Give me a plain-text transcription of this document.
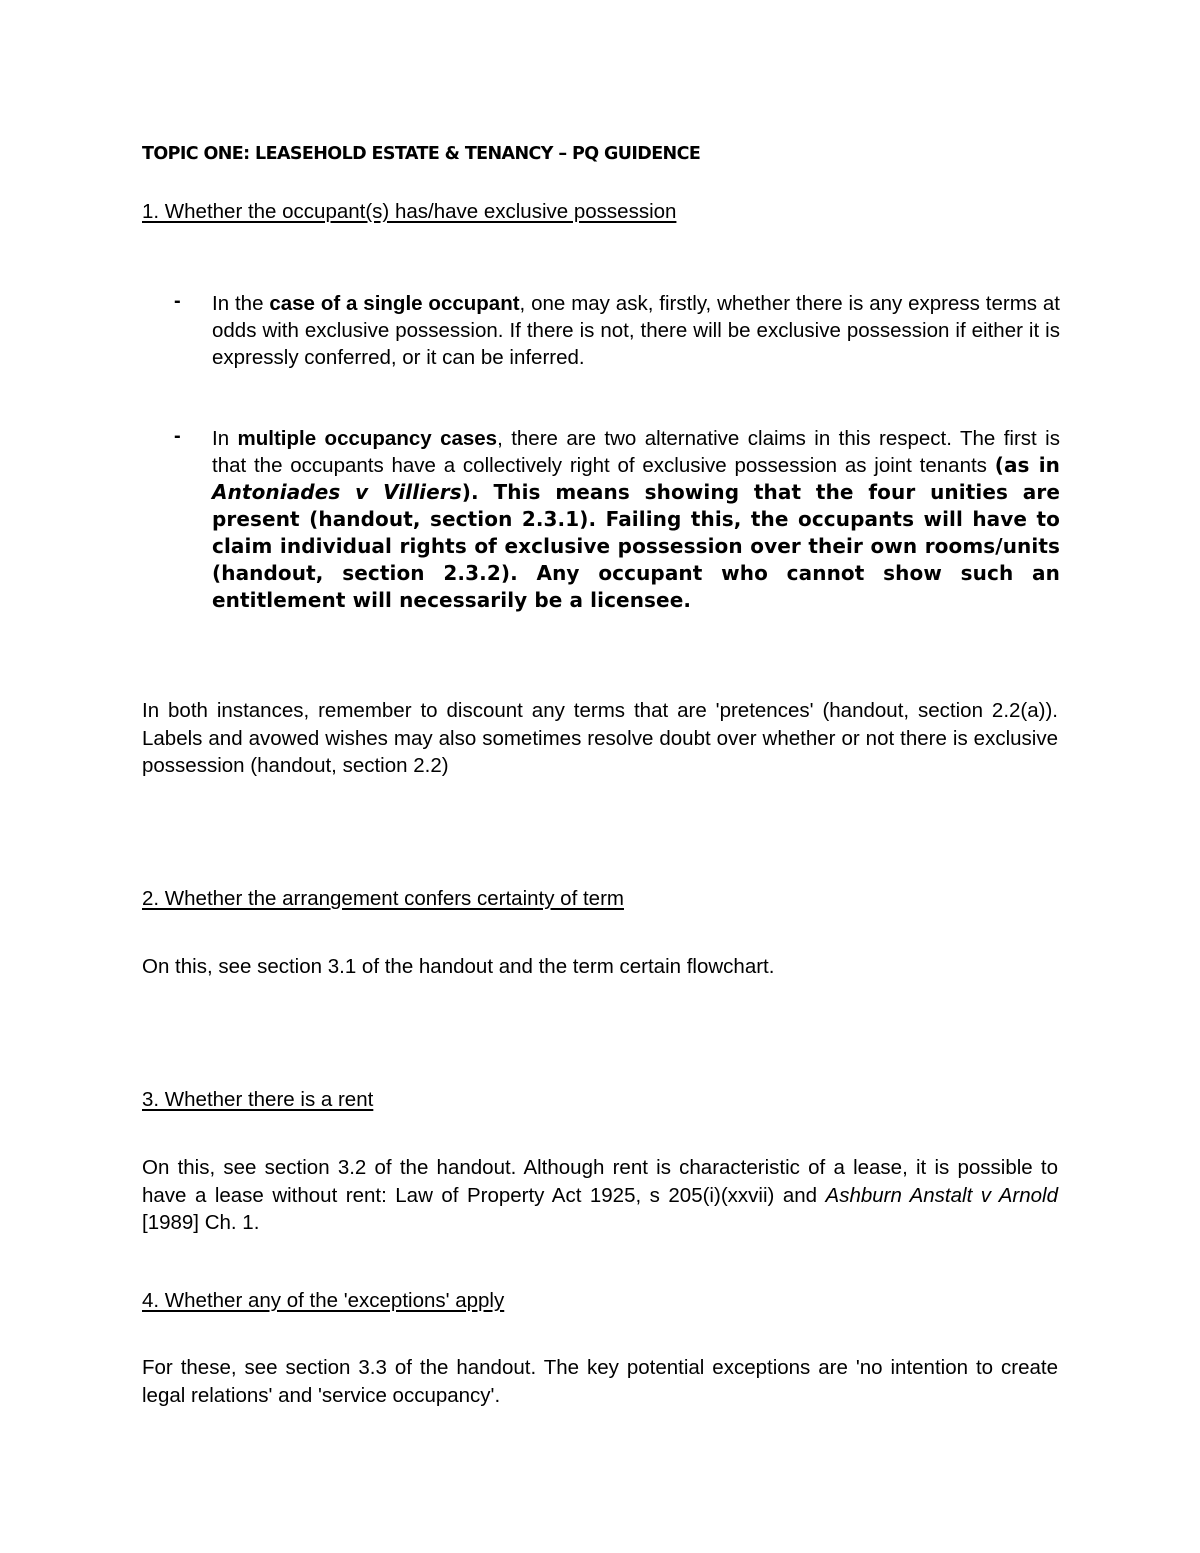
TOPIC ONE: LEASEHOLD ESTATE & TENANCY – PQ GUIDENCE

1. Whether the occupant(s) has/have exclusive possession

- In the case of a single occupant, one may ask, firstly, whether there is any express terms at odds with exclusive possession. If there is not, there will be exclusive possession if either it is expressly conferred, or it can be inferred.

- In multiple occupancy cases, there are two alternative claims in this respect. The first is that the occupants have a collectively right of exclusive possession as joint tenants (as in Antoniades v Villiers). This means showing that the four unities are present (handout, section 2.3.1). Failing this, the occupants will have to claim individual rights of exclusive possession over their own rooms/units (handout, section 2.3.2). Any occupant who cannot show such an entitlement will necessarily be a licensee.

In both instances, remember to discount any terms that are 'pretences' (handout, section 2.2(a)). Labels and avowed wishes may also sometimes resolve doubt over whether or not there is exclusive possession (handout, section 2.2)

2. Whether the arrangement confers certainty of term

On this, see section 3.1 of the handout and the term certain flowchart.

3. Whether there is a rent

On this, see section 3.2 of the handout. Although rent is characteristic of a lease, it is possible to have a lease without rent: Law of Property Act 1925, s 205(i)(xxvii) and Ashburn Anstalt v Arnold [1989] Ch. 1.

4. Whether any of the 'exceptions' apply

For these, see section 3.3 of the handout. The key potential exceptions are 'no intention to create legal relations' and 'service occupancy'.
